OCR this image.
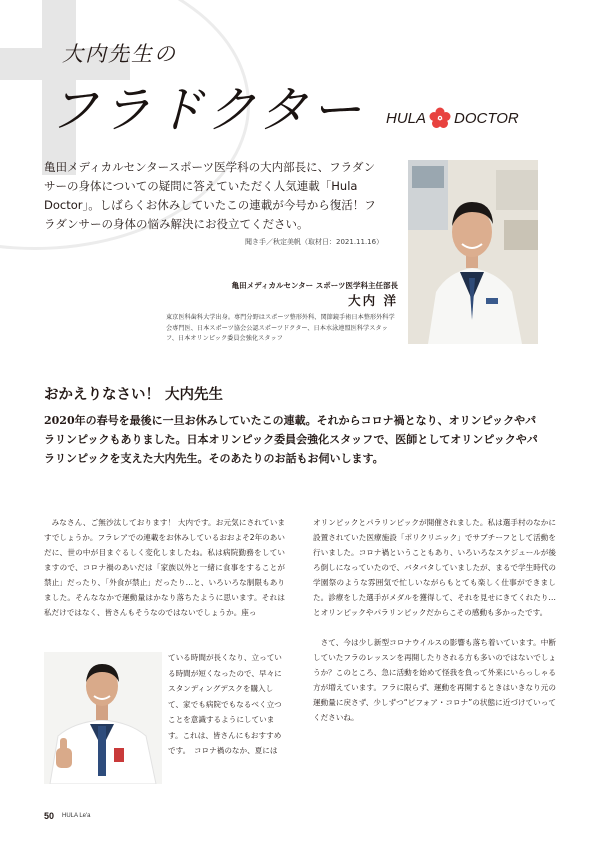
大内先生の
フラドクター HULA DOCTOR
亀田メディカルセンタースポーツ医学科の大内部長に、フラダンサーの身体についての疑問に答えていただく人気連載「Hula Doctor」。しばらくお休みしていたこの連載が今号から復活！フラダンサーの身体の悩み解決にお役立てください。
聞き手／秋定美帆（取材日：2021.11.16）
亀田メディカルセンター スポーツ医学科主任部長
大内 洋
東京医科歯科大学出身。専門分野はスポーツ整形外科、関節鏡手術日本整形外科学会専門医、日本スポーツ協会公認スポーツドクター、日本水泳連盟医科学スタッフ、日本オリンピック委員会強化スタッフ
おかえりなさい！ 大内先生
2020年の春号を最後に一旦お休みしていたこの連載。それからコロナ禍となり、オリンピックやパラリンピックもありました。日本オリンピック委員会強化スタッフで、医師としてオリンピックやパラリンピックを支えた大内先生。そのあたりのお話もお伺いします。

みなさん、ご無沙汰しております！ 大内です。お元気にされていますでしょうか。フラレアでの連載をお休みしているおおよそ2年のあいだに、世の中が目まぐるしく変化しましたね。私は病院勤務をしていますので、コロナ禍のあいだは「家族以外と一緒に食事をすることが禁止」だったり、「外食が禁止」だったり…と、いろいろな制限もありました。そんななかで運動量はかなり落ちたように思います。それは私だけではなく、皆さんもそうなのではないでしょうか。座っ

ている時間が長くなり、立っている時間が短くなったので、早々にスタンディングデスクを購入して、家でも病院でもなるべく立つことを意識するようにしています。これは、皆さんにもおすすめです。　コロナ禍のなか、夏には

オリンピックとパラリンピックが開催されました。私は選手村のなかに設置されていた医療施設「ポリクリニック」でサブチーフとして活動を行いました。コロナ禍ということもあり、いろいろなスケジュールが後ろ倒しになっていたので、バタバタしていましたが、まるで学生時代の学園祭のような雰囲気で忙しいながらもとても楽しく仕事ができました。診療をした選手がメダルを獲得して、それを見せにきてくれたり…とオリンピックやパラリンピックだからこその感動も多かったです。

さて、今は少し新型コロナウイルスの影響も落ち着いています。中断していたフラのレッスンを再開したりされる方も多いのではないでしょうか？このところ、急に活動を始めて怪我を負って外来にいらっしゃる方が増えています。フラに限らず、運動を再開するときはいきなり元の運動量に戻さず、少しずつ“ビフォア・コロナ”の状態に近づけていってくださいね。

50 HULA Le'a
